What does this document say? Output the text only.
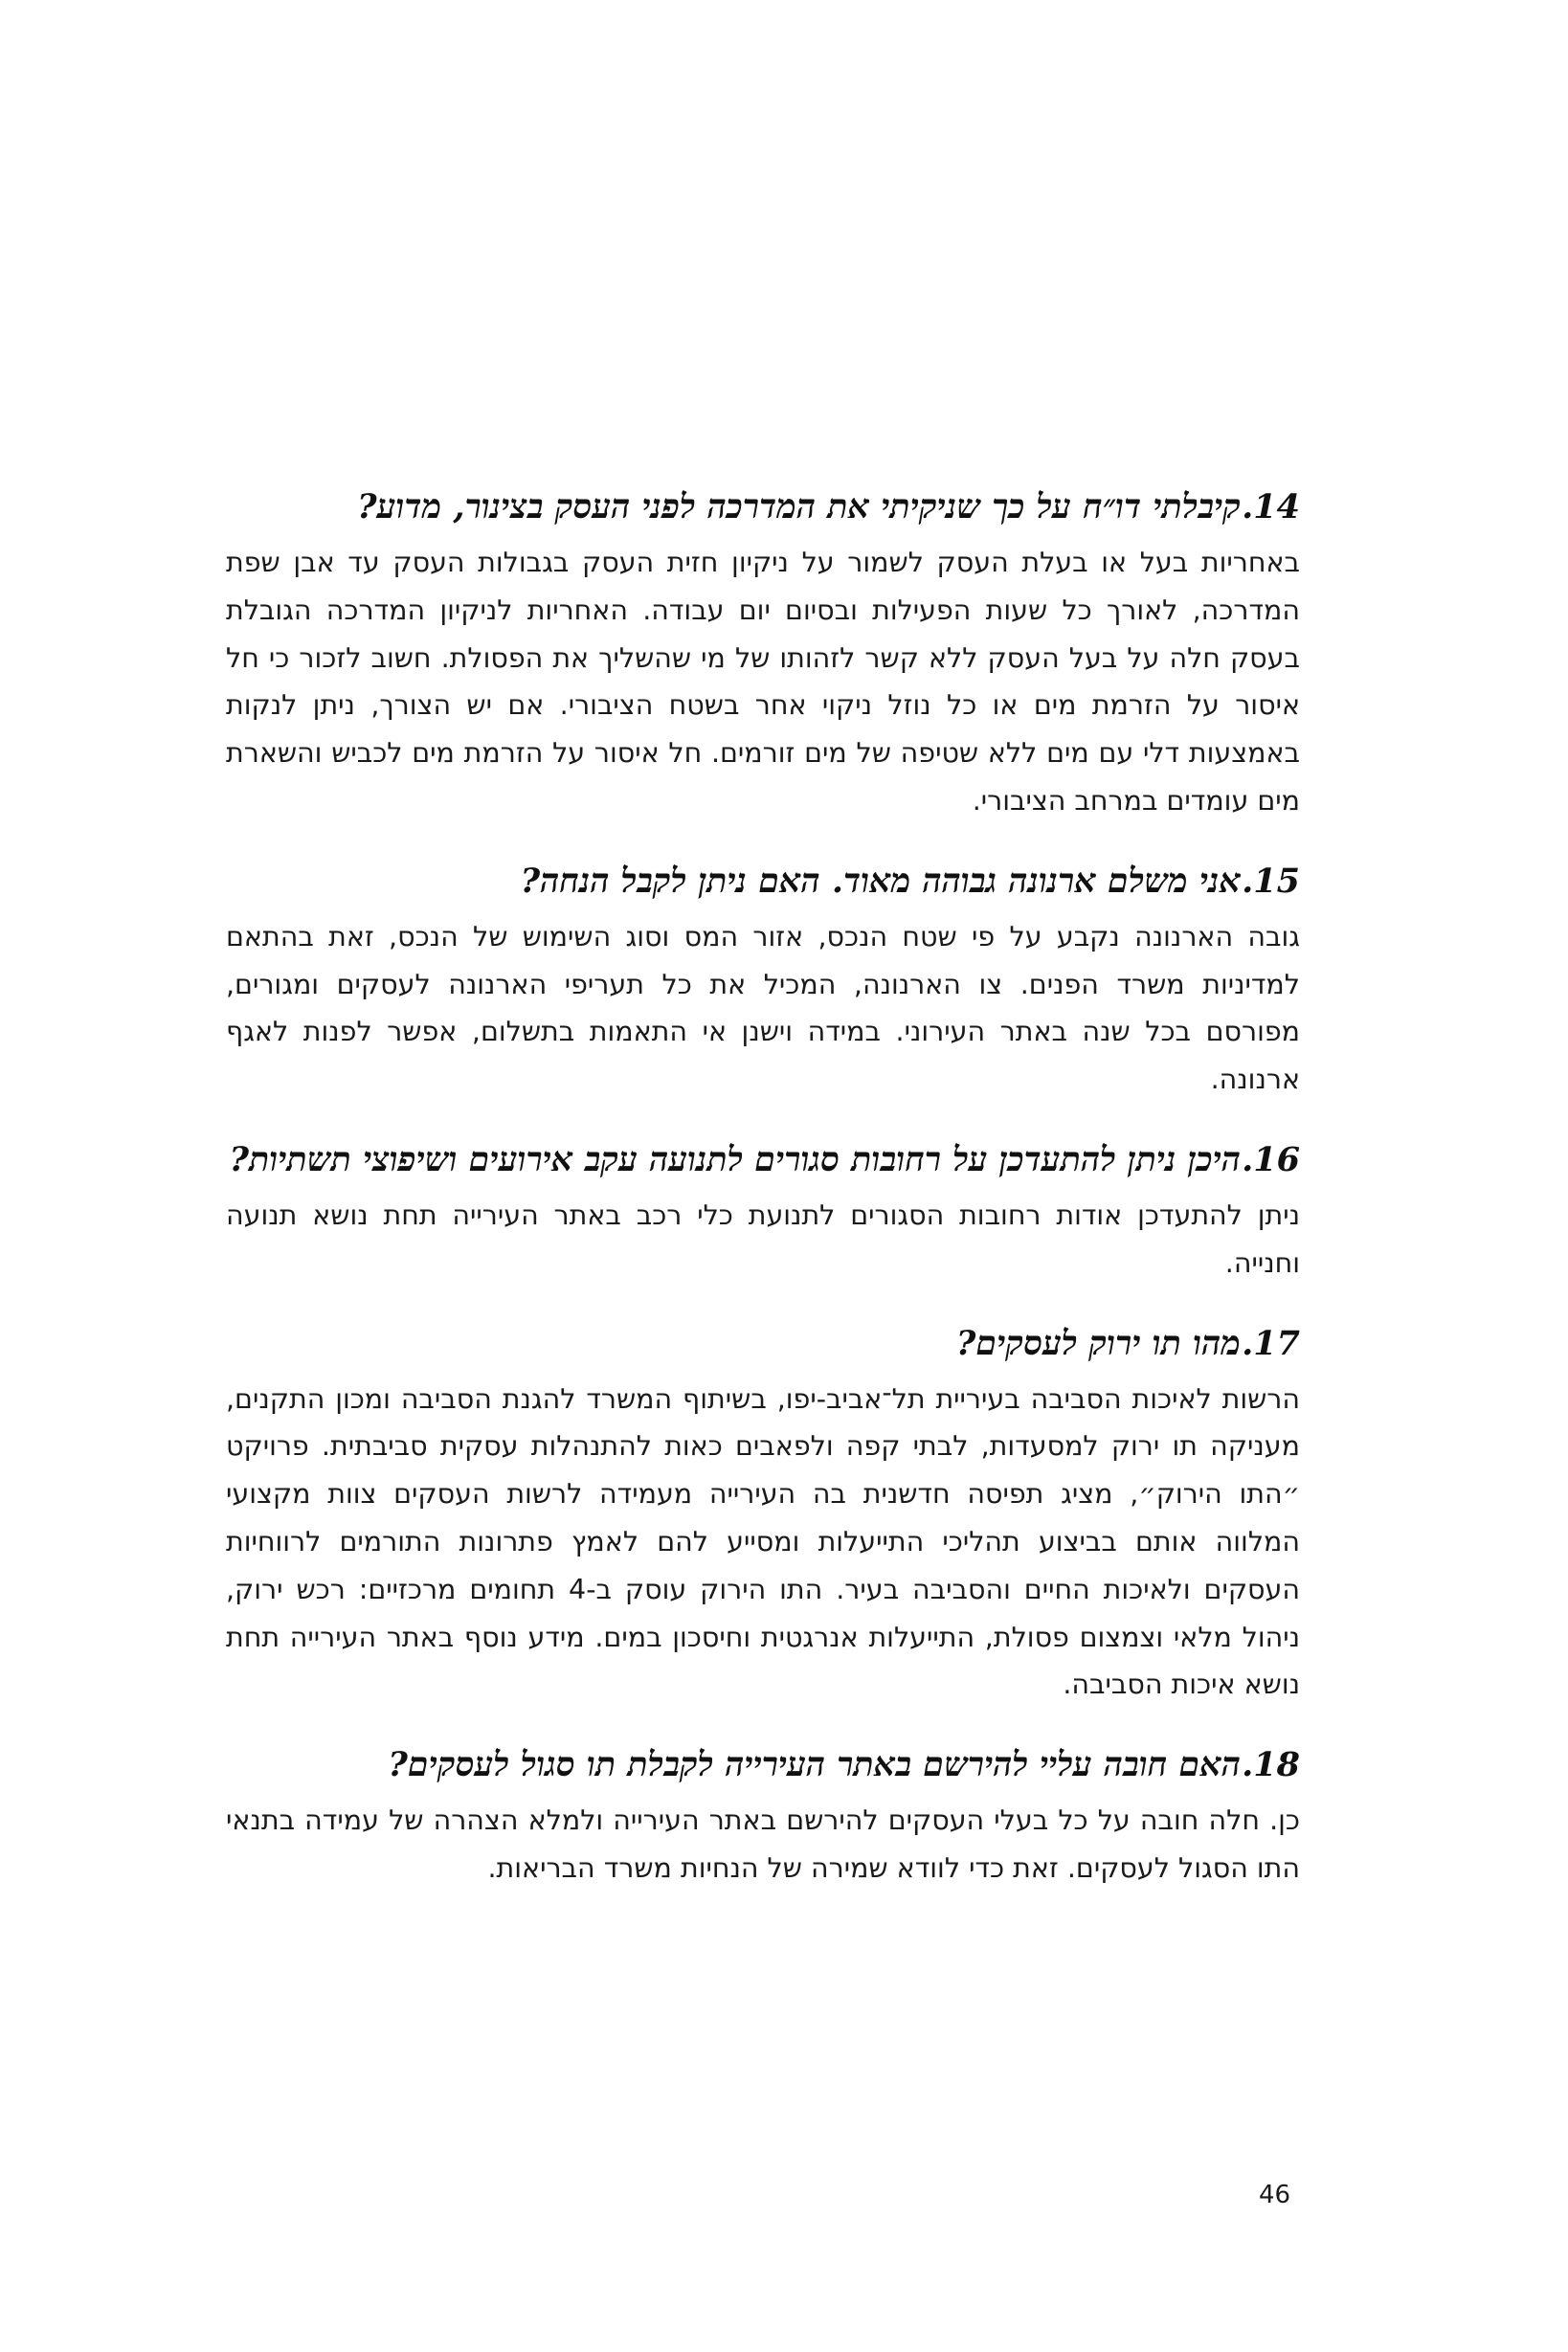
14.
קיבלתי דו״ח על כך שניקיתי את המדרכה לפני העסק בצינור, מדוע?

באחריות בעל או בעלת העסק לשמור על ניקיון חזית העסק בגבולות העסק עד אבן שפת המדרכה, לאורך כל שעות הפעילות ובסיום יום עבודה. האחריות לניקיון המדרכה הגובלת בעסק חלה על בעל העסק ללא קשר לזהותו של מי שהשליך את הפסולת. חשוב לזכור כי חל איסור על הזרמת מים או כל נוזל ניקוי אחר בשטח הציבורי. אם יש הצורך, ניתן לנקות באמצעות דלי עם מים ללא שטיפה של מים זורמים. חל איסור על הזרמת מים לכביש והשארת מים עומדים במרחב הציבורי.

15.
אני משלם ארנונה גבוהה מאוד. האם ניתן לקבל הנחה?

גובה הארנונה נקבע על פי שטח הנכס, אזור המס וסוג השימוש של הנכס, זאת בהתאם למדיניות משרד הפנים. צו הארנונה, המכיל את כל תעריפי הארנונה לעסקים ומגורים, מפורסם בכל שנה באתר העירוני. במידה וישנן אי התאמות בתשלום, אפשר לפנות לאגף ארנונה.

16.
היכן ניתן להתעדכן על רחובות סגורים לתנועה עקב אירועים ושיפוצי תשתיות?

ניתן להתעדכן אודות רחובות הסגורים לתנועת כלי רכב באתר העירייה תחת נושא תנועה וחנייה.

17.
מהו תו ירוק לעסקים?

הרשות לאיכות הסביבה בעיריית תל־אביב-יפו, בשיתוף המשרד להגנת הסביבה ומכון התקנים, מעניקה תו ירוק למסעדות, לבתי קפה ולפאבים כאות להתנהלות עסקית סביבתית. פרויקט ״התו הירוק״, מציג תפיסה חדשנית בה העירייה מעמידה לרשות העסקים צוות מקצועי המלווה אותם בביצוע תהליכי התייעלות ומסייע להם לאמץ פתרונות התורמים לרווחיות העסקים ולאיכות החיים והסביבה בעיר. התו הירוק עוסק ב-4 תחומים מרכזיים: רכש ירוק, ניהול מלאי וצמצום פסולת, התייעלות אנרגטית וחיסכון במים. מידע נוסף באתר העירייה תחת נושא איכות הסביבה.

18.
האם חובה עליי להירשם באתר העירייה לקבלת תו סגול לעסקים?

כן. חלה חובה על כל בעלי העסקים להירשם באתר העירייה ולמלא הצהרה של עמידה בתנאי התו הסגול לעסקים. זאת כדי לוודא שמירה של הנחיות משרד הבריאות.

46
